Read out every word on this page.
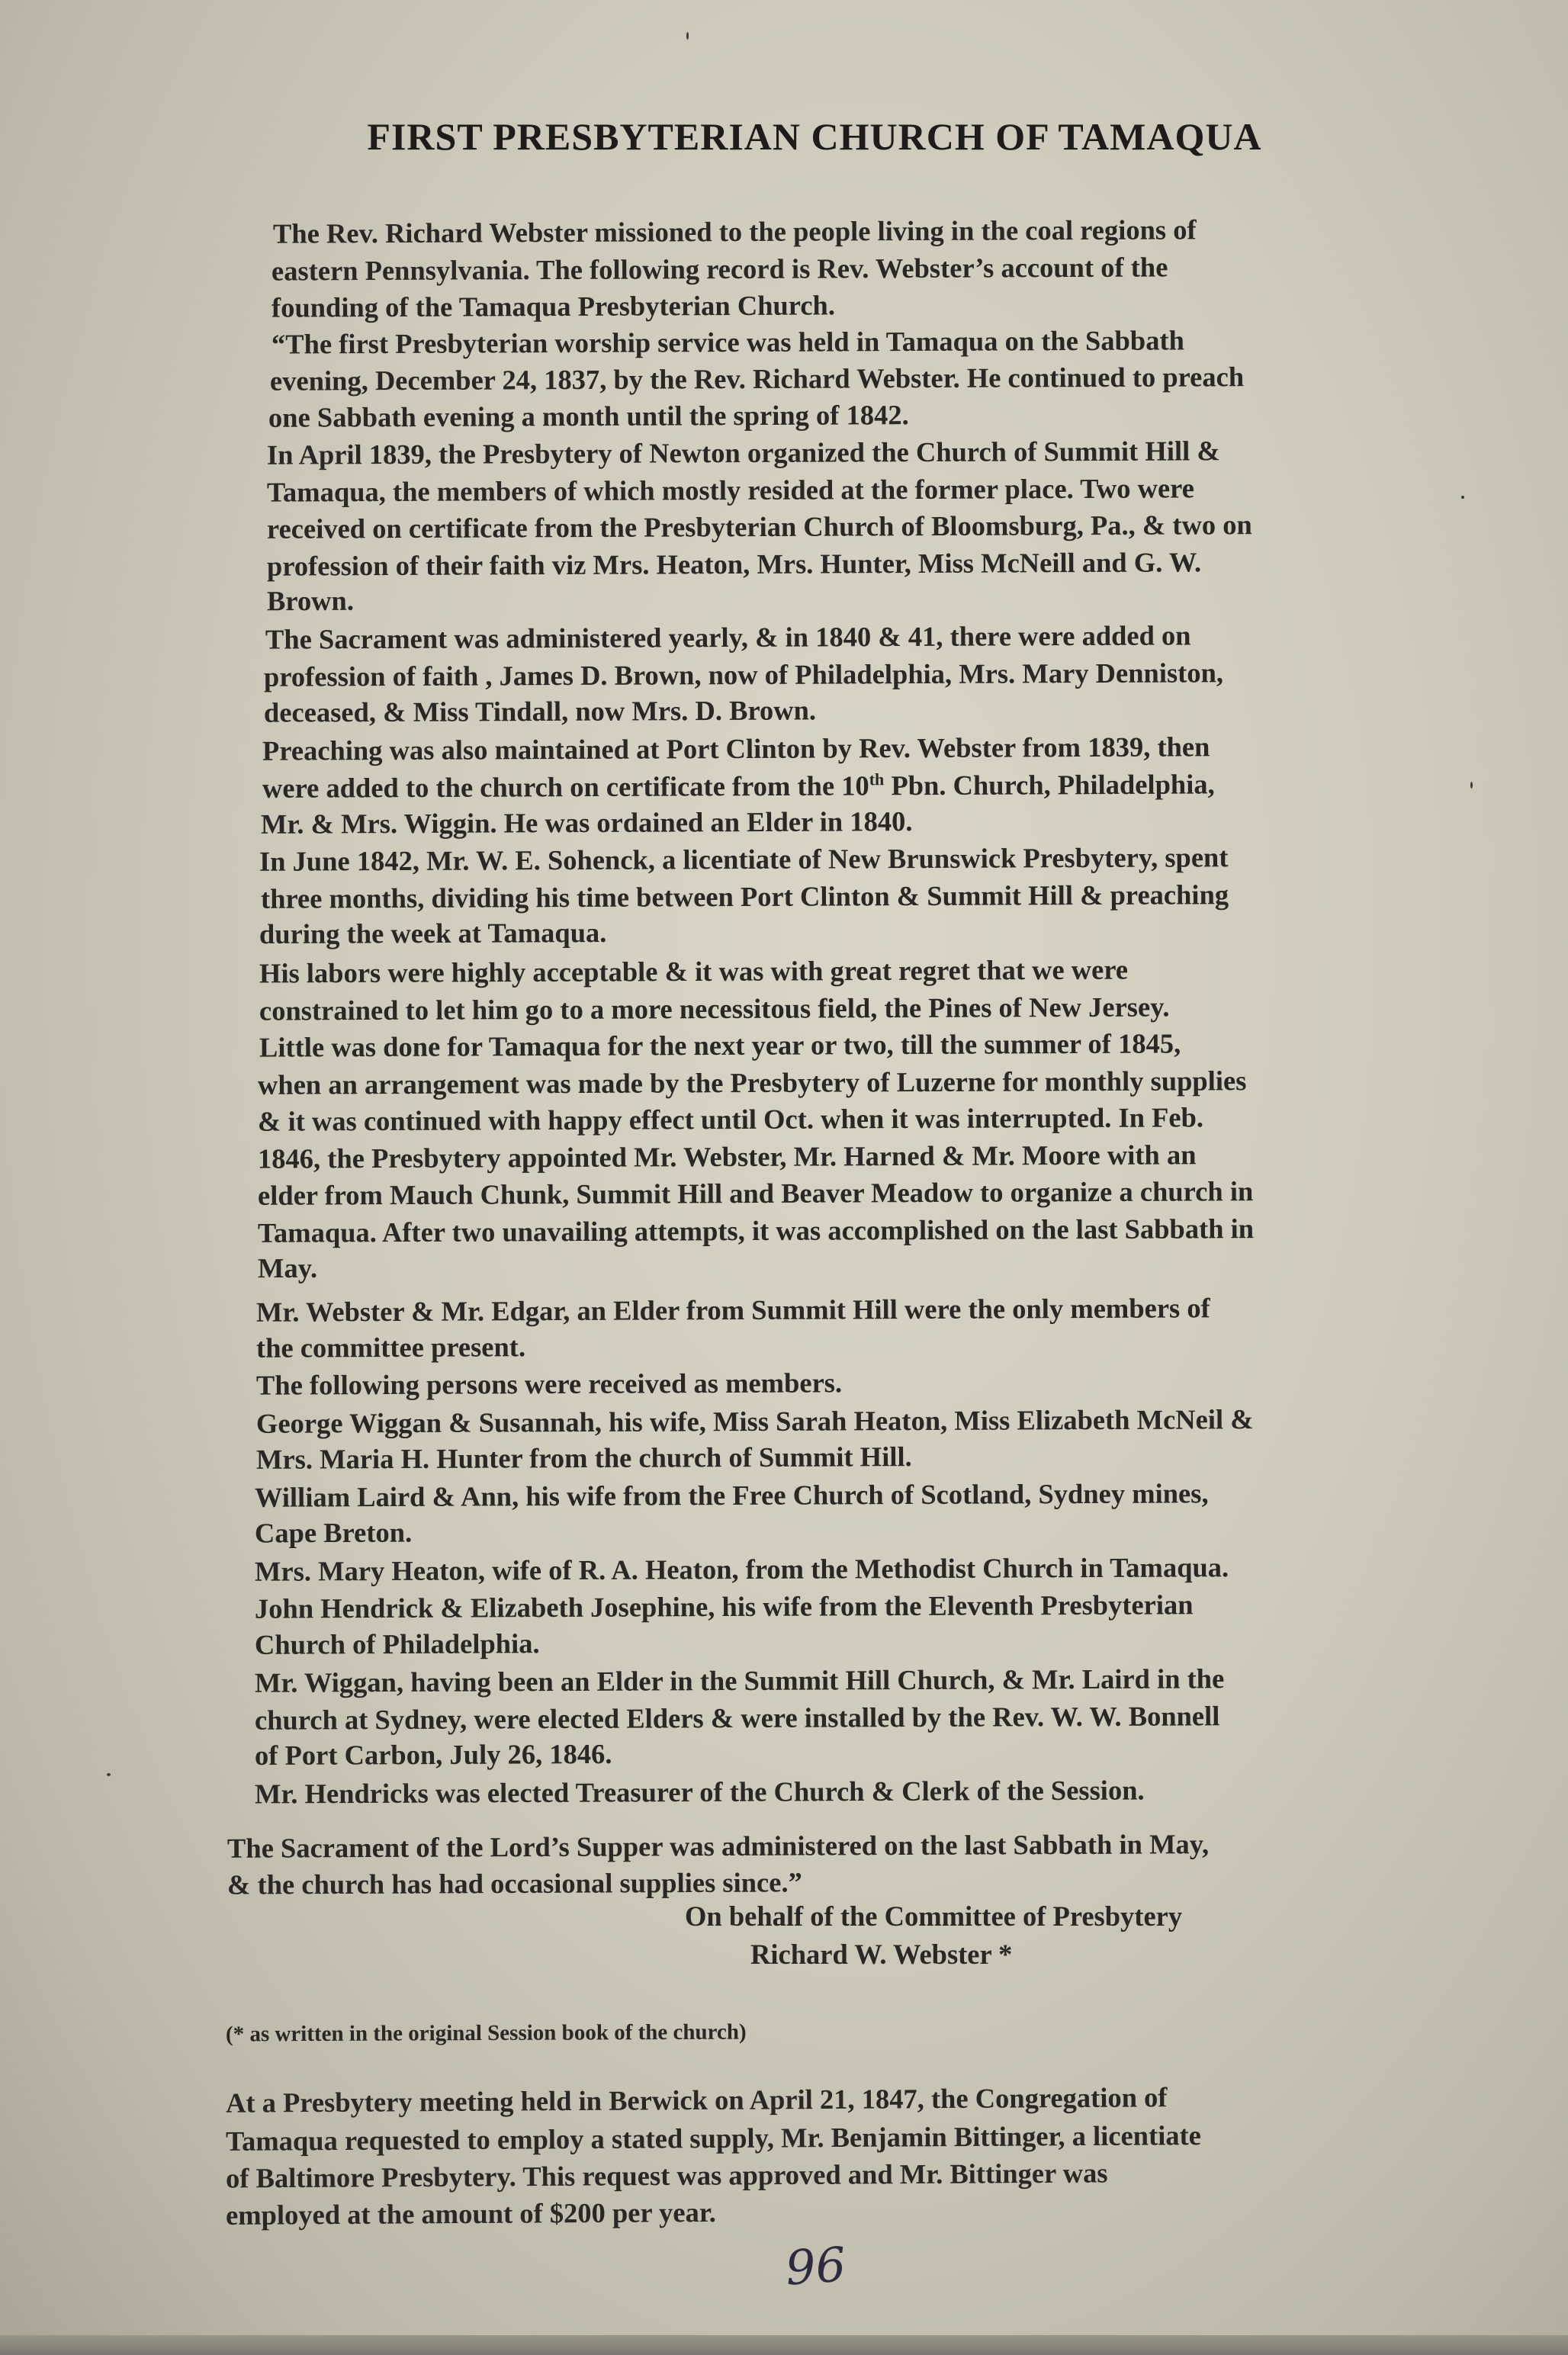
FIRST PRESBYTERIAN CHURCH OF TAMAQUA
The Rev. Richard Webster missioned to the people living in the coal regions of
eastern Pennsylvania. The following record is Rev. Webster’s account of the
founding of the Tamaqua Presbyterian Church.
“The first Presbyterian worship service was held in Tamaqua on the Sabbath
evening, December 24, 1837, by the Rev. Richard Webster. He continued to preach
one Sabbath evening a month until the spring of 1842.
In April 1839, the Presbytery of Newton organized the Church of Summit Hill &
Tamaqua, the members of which mostly resided at the former place. Two were
received on certificate from the Presbyterian Church of Bloomsburg, Pa., & two on
profession of their faith viz Mrs. Heaton, Mrs. Hunter, Miss McNeill and G. W.
Brown.
The Sacrament was administered yearly, & in 1840 & 41, there were added on
profession of faith , James D. Brown, now of Philadelphia, Mrs. Mary Denniston,
deceased, & Miss Tindall, now Mrs. D. Brown.
Preaching was also maintained at Port Clinton by Rev. Webster from 1839, then
were added to the church on certificate from the 10th Pbn. Church, Philadelphia,
Mr. & Mrs. Wiggin. He was ordained an Elder in 1840.
In June 1842, Mr. W. E. Sohenck, a licentiate of New Brunswick Presbytery, spent
three months, dividing his time between Port Clinton & Summit Hill & preaching
during the week at Tamaqua.
His labors were highly acceptable & it was with great regret that we were
constrained to let him go to a more necessitous field, the Pines of New Jersey.
Little was done for Tamaqua for the next year or two, till the summer of 1845,
when an arrangement was made by the Presbytery of Luzerne for monthly supplies
& it was continued with happy effect until Oct. when it was interrupted. In Feb.
1846, the Presbytery appointed Mr. Webster, Mr. Harned & Mr. Moore with an
elder from Mauch Chunk, Summit Hill and Beaver Meadow to organize a church in
Tamaqua. After two unavailing attempts, it was accomplished on the last Sabbath in
May.
Mr. Webster & Mr. Edgar, an Elder from Summit Hill were the only members of
the committee present.
The following persons were received as members.
George Wiggan & Susannah, his wife, Miss Sarah Heaton, Miss Elizabeth McNeil &
Mrs. Maria H. Hunter from the church of Summit Hill.
William Laird & Ann, his wife from the Free Church of Scotland, Sydney mines,
Cape Breton.
Mrs. Mary Heaton, wife of R. A. Heaton, from the Methodist Church in Tamaqua.
John Hendrick & Elizabeth Josephine, his wife from the Eleventh Presbyterian
Church of Philadelphia.
Mr. Wiggan, having been an Elder in the Summit Hill Church, & Mr. Laird in the
church at Sydney, were elected Elders & were installed by the Rev. W. W. Bonnell
of Port Carbon, July 26, 1846.
Mr. Hendricks was elected Treasurer of the Church & Clerk of the Session.
The Sacrament of the Lord’s Supper was administered on the last Sabbath in May,
& the church has had occasional supplies since.”
On behalf of the Committee of Presbytery
Richard W. Webster *
(* as written in the original Session book of the church)
At a Presbytery meeting held in Berwick on April 21, 1847, the Congregation of
Tamaqua requested to employ a stated supply, Mr. Benjamin Bittinger, a licentiate
of Baltimore Presbytery. This request was approved and Mr. Bittinger was
employed at the amount of $200 per year.
96
